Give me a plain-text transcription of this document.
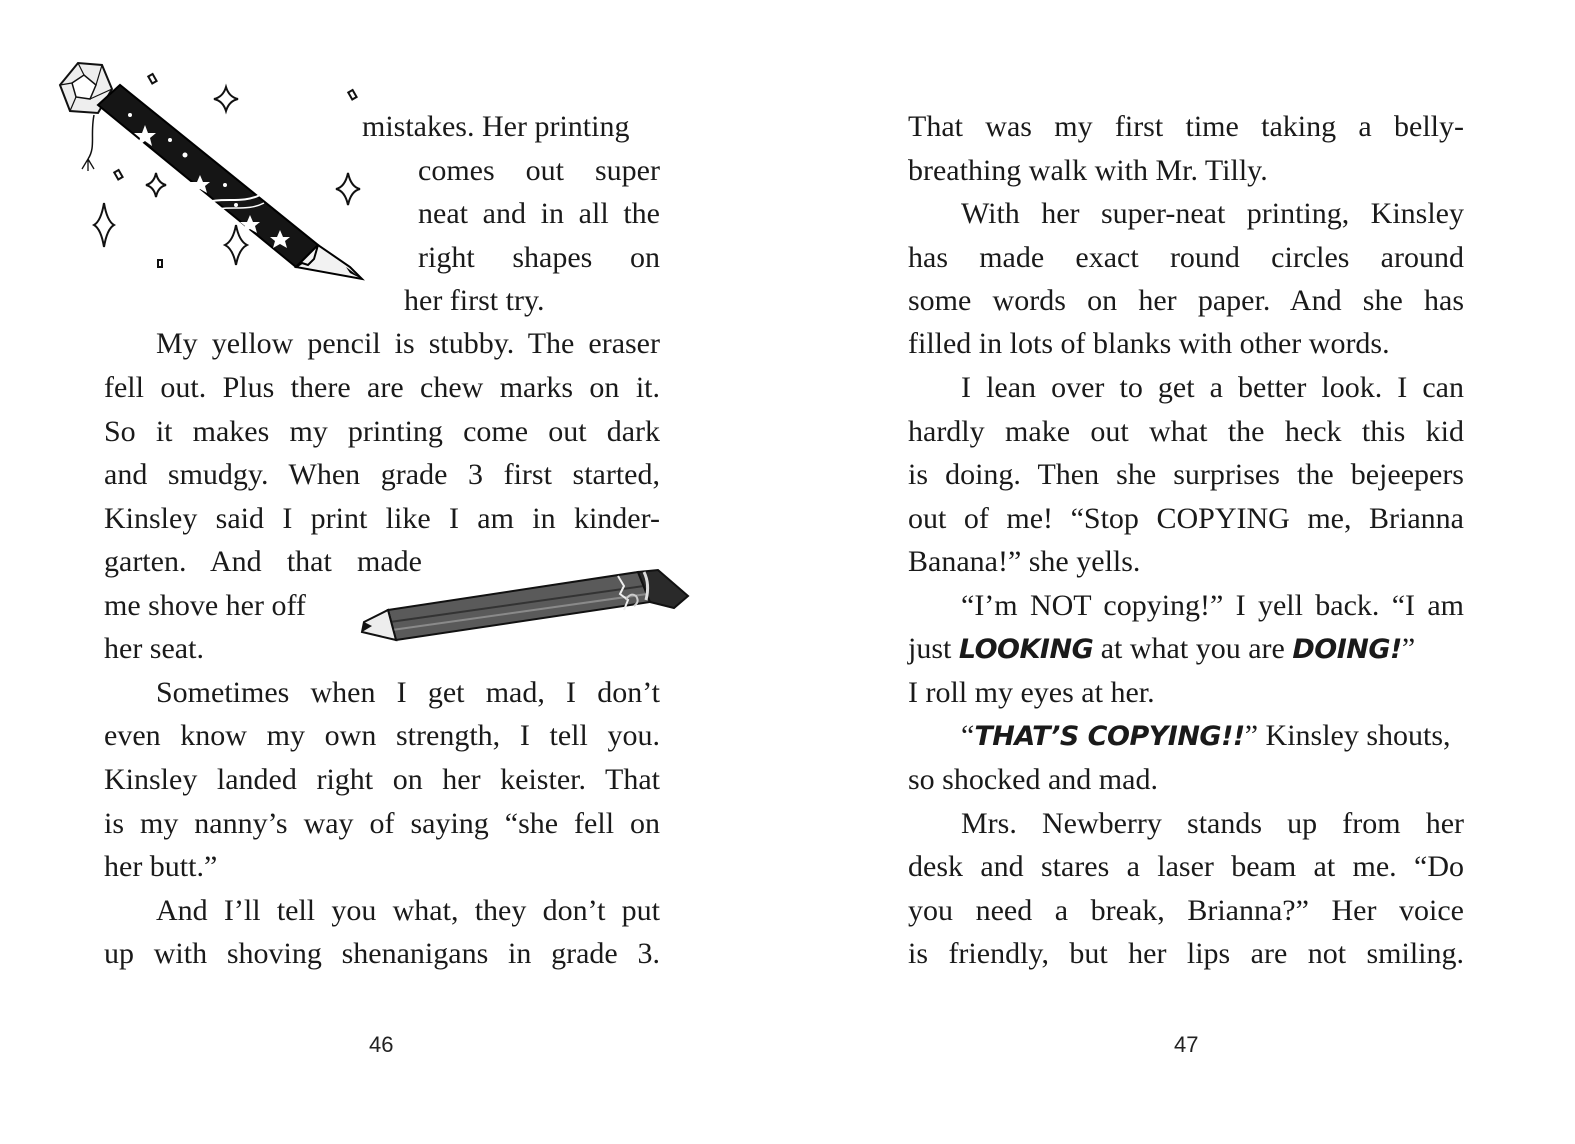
mistakes. Her printing
comes out super
neat and in all the
right shapes on
her first try.
My yellow pencil is stubby. The eraser
fell out. Plus there are chew marks on it.
So it makes my printing come out dark
and smudgy. When grade 3 first started,
Kinsley said I print like I am in kinder-
garten. And that made
me shove her off
her seat.
Sometimes when I get mad, I don’t
even know my own strength, I tell you.
Kinsley landed right on her keister. That
is my nanny’s way of saying “she fell on
her butt.”
And I’ll tell you what, they don’t put
up with shoving shenanigans in grade 3.
46
That was my first time taking a belly-
breathing walk with Mr. Tilly.
With her super-neat printing, Kinsley
has made exact round circles around
some words on her paper. And she has
filled in lots of blanks with other words.
I lean over to get a better look. I can
hardly make out what the heck this kid
is doing. Then she surprises the bejeepers
out of me! “Stop COPYING me, Brianna
Banana!” she yells.
“I’m NOT copying!” I yell back. “I am
just LOOKING at what you are DOING!”
I roll my eyes at her.
“THAT’S COPYING!!” Kinsley shouts,
so shocked and mad.
Mrs. Newberry stands up from her
desk and stares a laser beam at me. “Do
you need a break, Brianna?” Her voice
is friendly, but her lips are not smiling.
47
